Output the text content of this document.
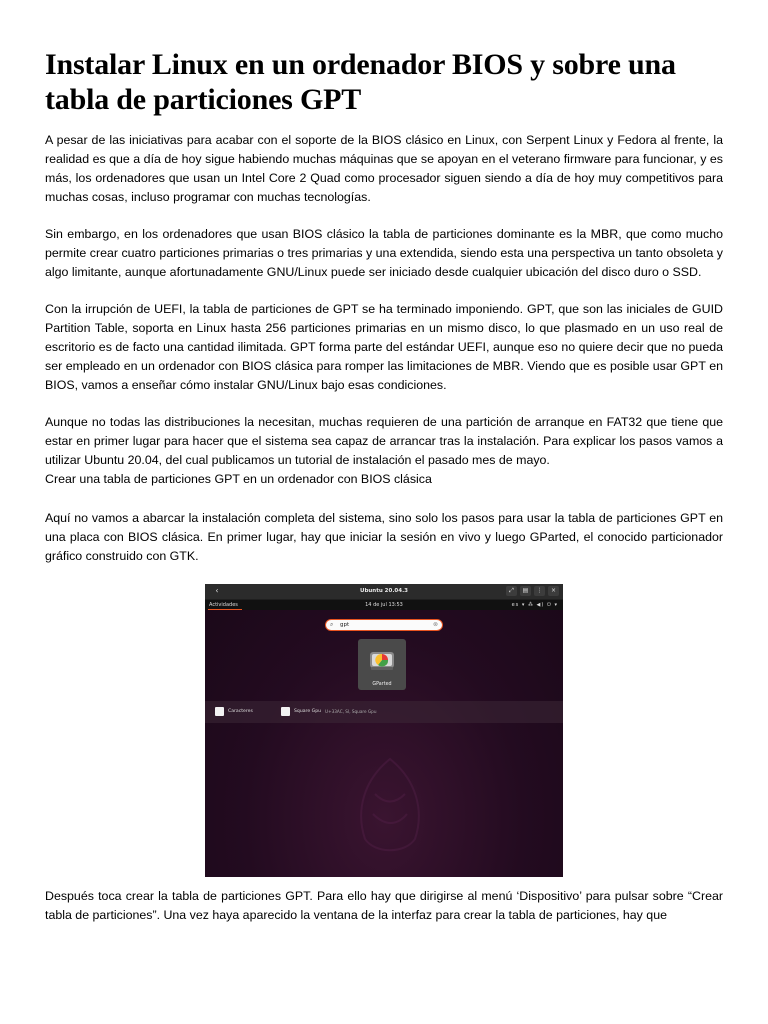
Instalar Linux en un ordenador BIOS y sobre una tabla de particiones GPT

A pesar de las iniciativas para acabar con el soporte de la BIOS clásico en Linux, con Serpent Linux y Fedora al frente, la realidad es que a día de hoy sigue habiendo muchas máquinas que se apoyan en el veterano firmware para funcionar, y es más, los ordenadores que usan un Intel Core 2 Quad como procesador siguen siendo a día de hoy muy competitivos para muchas cosas, incluso programar con muchas tecnologías.

Sin embargo, en los ordenadores que usan BIOS clásico la tabla de particiones dominante es la MBR, que como mucho permite crear cuatro particiones primarias o tres primarias y una extendida, siendo esta una perspectiva un tanto obsoleta y algo limitante, aunque afortunadamente GNU/Linux puede ser iniciado desde cualquier ubicación del disco duro o SSD.

Con la irrupción de UEFI, la tabla de particiones de GPT se ha terminado imponiendo. GPT, que son las iniciales de GUID Partition Table, soporta en Linux hasta 256 particiones primarias en un mismo disco, lo que plasmado en un uso real de escritorio es de facto una cantidad ilimitada. GPT forma parte del estándar UEFI, aunque eso no quiere decir que no pueda ser empleado en un ordenador con BIOS clásica para romper las limitaciones de MBR. Viendo que es posible usar GPT en BIOS, vamos a enseñar cómo instalar GNU/Linux bajo esas condiciones.

Aunque no todas las distribuciones la necesitan, muchas requieren de una partición de arranque en FAT32 que tiene que estar en primer lugar para hacer que el sistema sea capaz de arrancar tras la instalación. Para explicar los pasos vamos a utilizar Ubuntu 20.04, del cual publicamos un tutorial de instalación el pasado mes de mayo.

Crear una tabla de particiones GPT en un ordenador con BIOS clásica

Aquí no vamos a abarcar la instalación completa del sistema, sino solo los pasos para usar la tabla de particiones GPT en una placa con BIOS clásica. En primer lugar, hay que iniciar la sesión en vivo y luego GParted, el conocido particionador gráfico construido con GTK.

‹	Ubuntu 20.04.3	⤢	▤	⋮	×
Actividades	14 de jul 13:53	es ▾ ⁂ ◀) ⏻ ▾
⌕ gpt	⊗
GParted
Caracteres	Square Gpu U+33AC, SI, Square Gpu

Después toca crear la tabla de particiones GPT. Para ello hay que dirigirse al menú ‘Dispositivo’ para pulsar sobre “Crear tabla de particiones”. Una vez haya aparecido la ventana de la interfaz para crear la tabla de particiones, hay que
